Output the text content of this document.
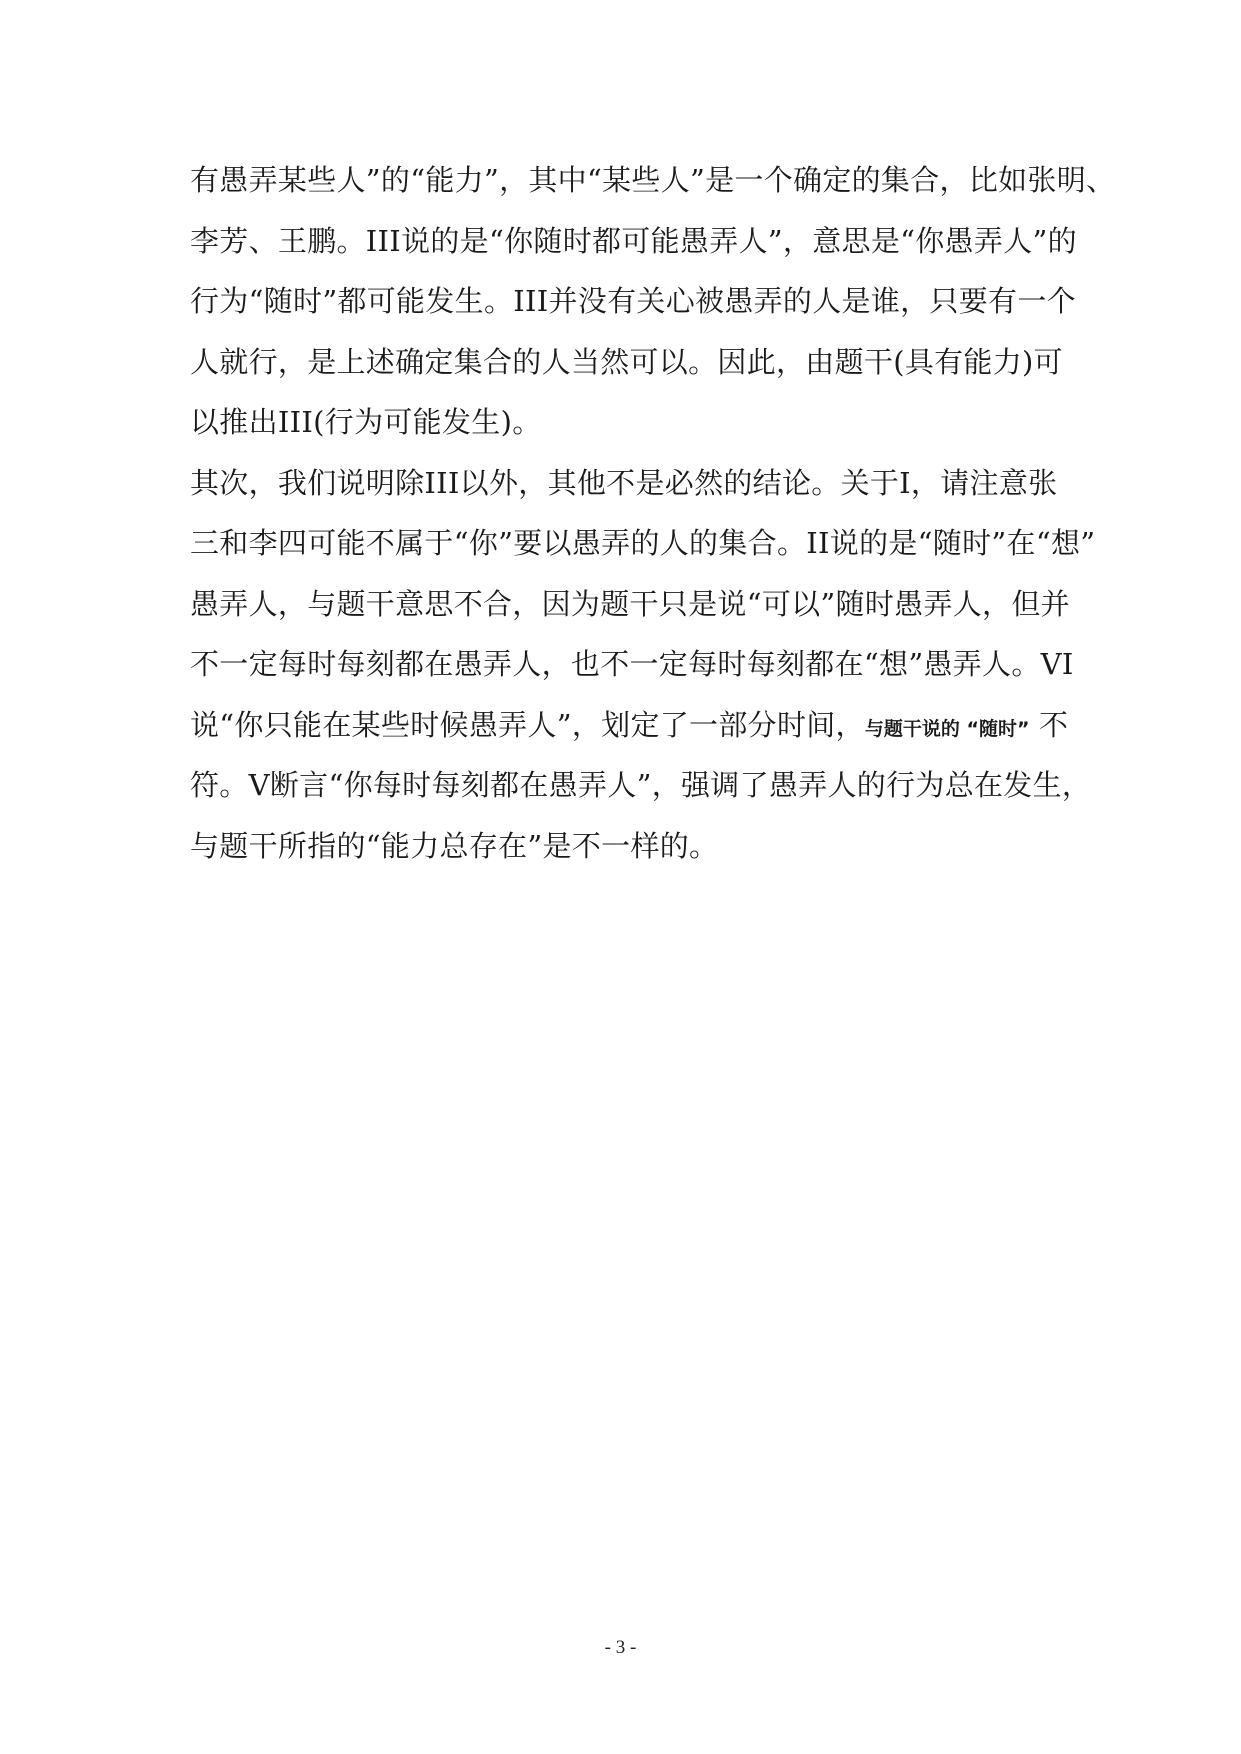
有愚弄某些人”的“能力”，其中“某些人”是一个确定的集合，比如张明、
李芳、王鹏。III说的是“你随时都可能愚弄人”，意思是“你愚弄人”的
行为“随时”都可能发生。III并没有关心被愚弄的人是谁，只要有一个
人就行，是上述确定集合的人当然可以。因此，由题干(具有能力)可
以推出III(行为可能发生)。
其次，我们说明除III以外，其他不是必然的结论。关于Ⅰ，请注意张
三和李四可能不属于“你”要以愚弄的人的集合。II说的是“随时”在“想”
愚弄人，与题干意思不合，因为题干只是说“可以”随时愚弄人，但并
不一定每时每刻都在愚弄人，也不一定每时每刻都在“想”愚弄人。VI
说“你只能在某些时候愚弄人”，划定了一部分时间，与题干说的 “随时” 不
符。V断言“你每时每刻都在愚弄人”，强调了愚弄人的行为总在发生，
与题干所指的“能力总存在”是不一样的。
- 3 -
